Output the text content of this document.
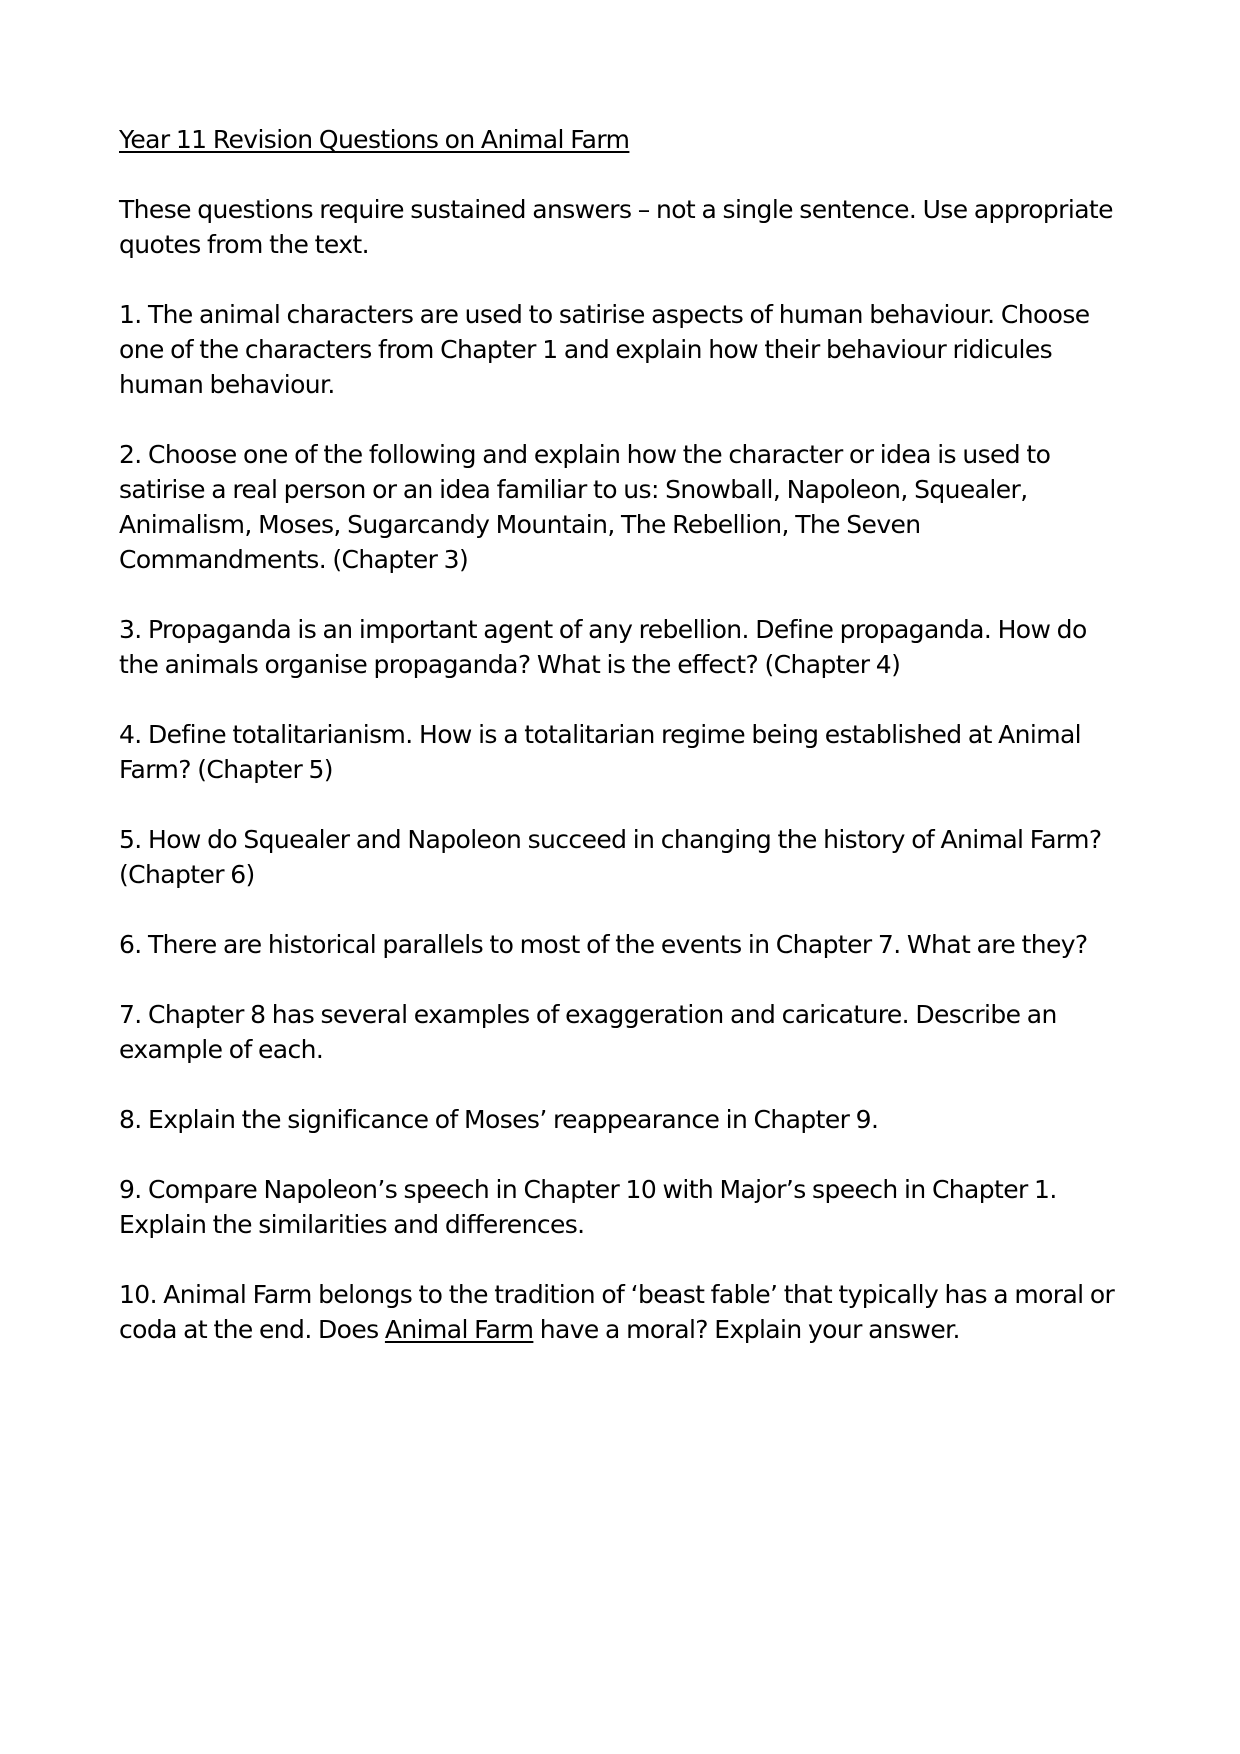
Year 11 Revision Questions on Animal Farm

These questions require sustained answers – not a single sentence. Use appropriate quotes from the text.

1. The animal characters are used to satirise aspects of human behaviour. Choose one of the characters from Chapter 1 and explain how their behaviour ridicules human behaviour.

2. Choose one of the following and explain how the character or idea is used to satirise a real person or an idea familiar to us: Snowball, Napoleon, Squealer, Animalism, Moses, Sugarcandy Mountain, The Rebellion, The Seven Commandments. (Chapter 3)

3. Propaganda is an important agent of any rebellion. Define propaganda. How do the animals organise propaganda? What is the effect? (Chapter 4)

4. Define totalitarianism. How is a totalitarian regime being established at Animal Farm? (Chapter 5)

5. How do Squealer and Napoleon succeed in changing the history of Animal Farm? (Chapter 6)

6. There are historical parallels to most of the events in Chapter 7. What are they?

7. Chapter 8 has several examples of exaggeration and caricature. Describe an example of each.

8. Explain the significance of Moses’ reappearance in Chapter 9.

9. Compare Napoleon’s speech in Chapter 10 with Major’s speech in Chapter 1. Explain the similarities and differences.

10. Animal Farm belongs to the tradition of ‘beast fable’ that typically has a moral or coda at the end. Does Animal Farm have a moral? Explain your answer.
